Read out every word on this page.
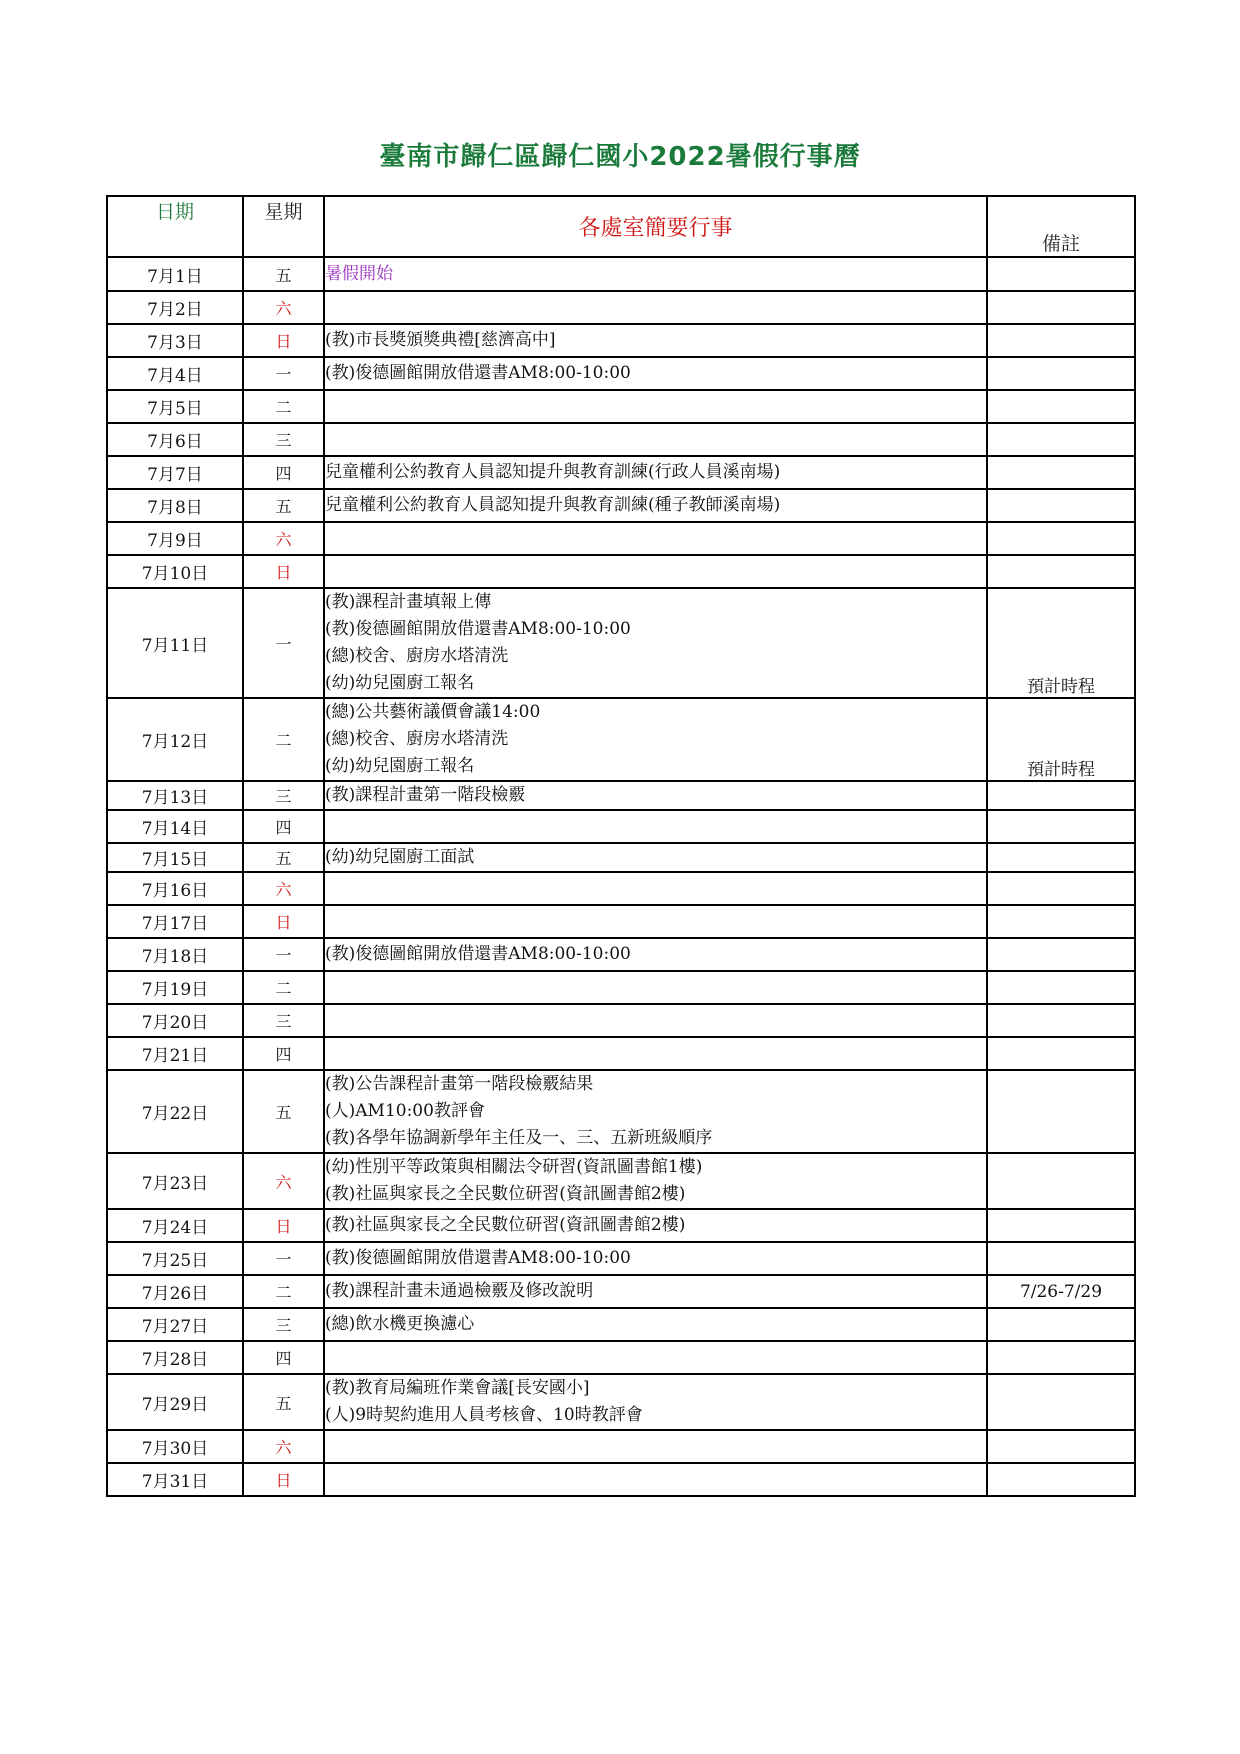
臺南市歸仁區歸仁國小2022暑假行事曆
日期	星期	各處室簡要行事	備註
7月1日	五	暑假開始	

7月2日	六		
7月3日	日	(教)市長獎頒獎典禮[慈濟高中]	

7月4日	一	(教)俊德圖館開放借還書AM8:00-10:00	

7月5日	二		
7月6日	三		
7月7日	四	兒童權利公約教育人員認知提升與教育訓練(行政人員溪南場)	

7月8日	五	兒童權利公約教育人員認知提升與教育訓練(種子教師溪南場)	

7月9日	六		
7月10日	日		
7月11日	一	(教)課程計畫填報上傳
(教)俊德圖館開放借還書AM8:00-10:00
(總)校舍、廚房水塔清洗
(幼)幼兒園廚工報名	預計時程
7月12日	二	(總)公共藝術議價會議14:00
(總)校舍、廚房水塔清洗
(幼)幼兒園廚工報名	預計時程
7月13日	三	(教)課程計畫第一階段檢覈	

7月14日	四		
7月15日	五	(幼)幼兒園廚工面試	

7月16日	六		
7月17日	日		
7月18日	一	(教)俊德圖館開放借還書AM8:00-10:00	

7月19日	二		
7月20日	三		
7月21日	四		
7月22日	五	(教)公告課程計畫第一階段檢覈結果
(人)AM10:00教評會
(教)各學年協調新學年主任及一、三、五新班級順序	

7月23日	六	(幼)性別平等政策與相關法令研習(資訊圖書館1樓)
(教)社區與家長之全民數位研習(資訊圖書館2樓)	

7月24日	日	(教)社區與家長之全民數位研習(資訊圖書館2樓)	

7月25日	一	(教)俊德圖館開放借還書AM8:00-10:00	

7月26日	二	(教)課程計畫未通過檢覈及修改說明	7/26-7/29
7月27日	三	(總)飲水機更換濾心	

7月28日	四		
7月29日	五	(教)教育局編班作業會議[長安國小]
(人)9時契約進用人員考核會、10時教評會	

7月30日	六		
7月31日	日		
